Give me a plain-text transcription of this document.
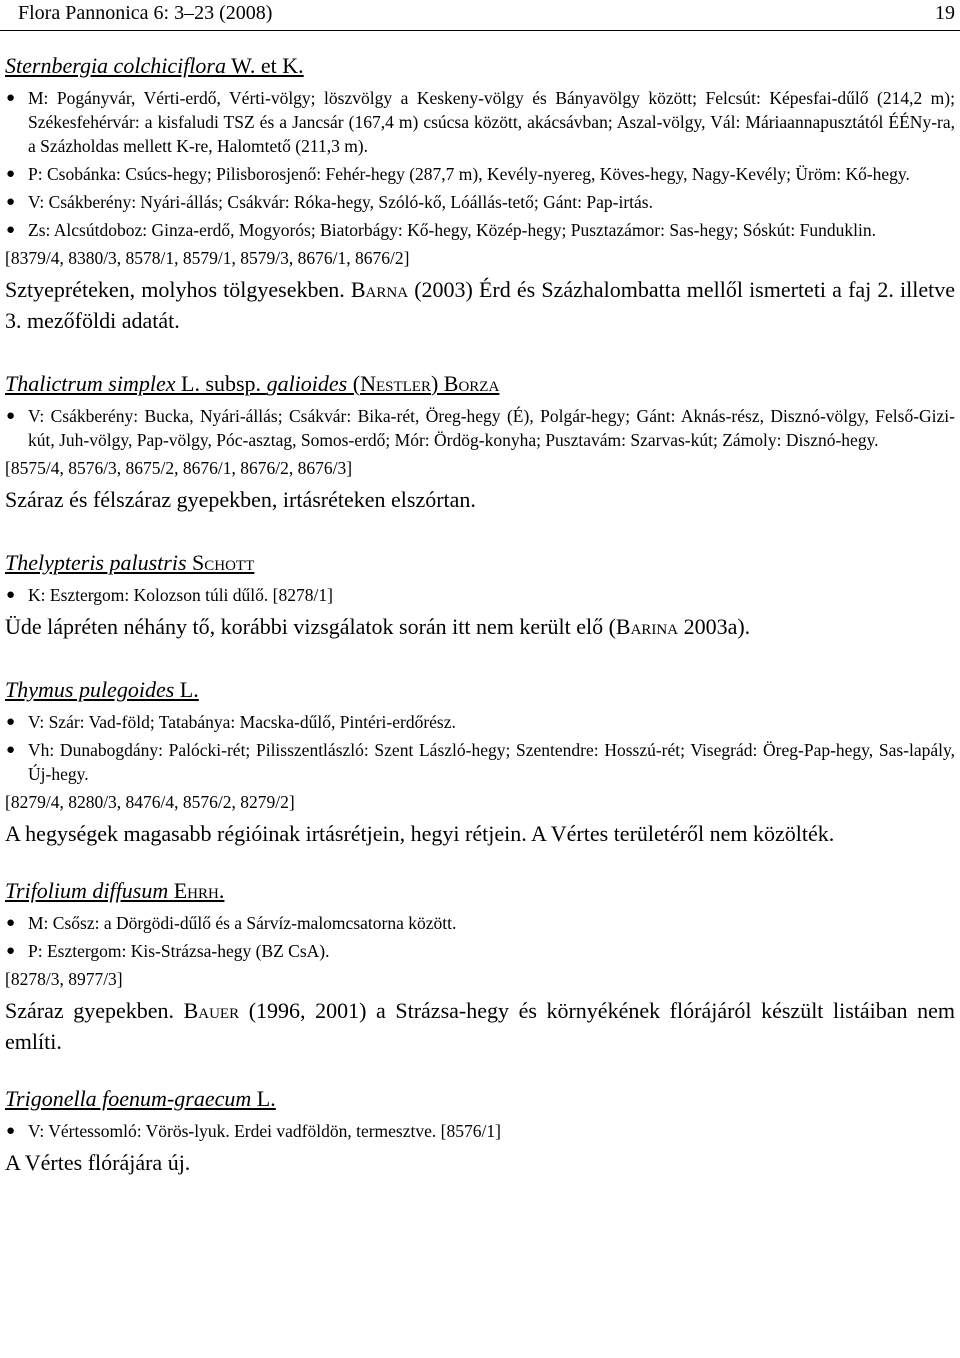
Flora Pannonica 6: 3–23 (2008)	19
Sternbergia colchiciflora W. et K.
● M: Pogányvár, Vérti-erdő, Vérti-völgy; löszvölgy a Keskeny-völgy és Bányavölgy között; Felcsút: Képesfai-dűlő (214,2 m); Székesfehérvár: a kisfaludi TSZ és a Jancsár (167,4 m) csúcsa között, akácsávban; Aszal-völgy, Vál: Máriaannapusztától ÉÉNy-ra, a Százholdas mellett K-re, Halomtető (211,3 m).
● P: Csobánka: Csúcs-hegy; Pilisborosjenő: Fehér-hegy (287,7 m), Kevély-nyereg, Köves-hegy, Nagy-Kevély; Üröm: Kő-hegy.
● V: Csákberény: Nyári-állás; Csákvár: Róka-hegy, Szóló-kő, Lóállás-tető; Gánt: Pap-irtás.
● Zs: Alcsútdoboz: Ginza-erdő, Mogyorós; Biatorbágy: Kő-hegy, Közép-hegy; Pusztazámor: Sas-hegy; Sóskút: Funduklin.
[8379/4, 8380/3, 8578/1, 8579/1, 8579/3, 8676/1, 8676/2]
Sztyepréteken, molyhos tölgyesekben. Barna (2003) Érd és Százhalombatta mellől ismerteti a faj 2. illetve 3. mezőföldi adatát.
Thalictrum simplex L. subsp. galioides (Nestler) Borza
● V: Csákberény: Bucka, Nyári-állás; Csákvár: Bika-rét, Öreg-hegy (É), Polgár-hegy; Gánt: Aknás-rész, Disznó-völgy, Felső-Gizi-kút, Juh-völgy, Pap-völgy, Póc-asztag, Somos-erdő; Mór: Ördög-konyha; Pusztavám: Szarvas-kút; Zámoly: Disznó-hegy.
[8575/4, 8576/3, 8675/2, 8676/1, 8676/2, 8676/3]
Száraz és félszáraz gyepekben, irtásréteken elszórtan.
Thelypteris palustris Schott
● K: Esztergom: Kolozson túli dűlő. [8278/1]
Üde lápréten néhány tő, korábbi vizsgálatok során itt nem került elő (Barina 2003a).
Thymus pulegoides L.
● V: Szár: Vad-föld; Tatabánya: Macska-dűlő, Pintéri-erdőrész.
● Vh: Dunabogdány: Palócki-rét; Pilisszentlászló: Szent László-hegy; Szentendre: Hosszú-rét; Visegrád: Öreg-Pap-hegy, Sas-lapály, Új-hegy.
[8279/4, 8280/3, 8476/4, 8576/2, 8279/2]
A hegységek magasabb régióinak irtásrétjein, hegyi rétjein. A Vértes területéről nem közölték.
Trifolium diffusum Ehrh.
● M: Csősz: a Dörgödi-dűlő és a Sárvíz-malomcsatorna között.
● P: Esztergom: Kis-Strázsa-hegy (BZ CsA).
[8278/3, 8977/3]
Száraz gyepekben. Bauer (1996, 2001) a Strázsa-hegy és környékének flórájáról készült listáiban nem említi.
Trigonella foenum-graecum L.
● V: Vértessomló: Vörös-lyuk. Erdei vadföldön, termesztve. [8576/1]
A Vértes flórájára új.
